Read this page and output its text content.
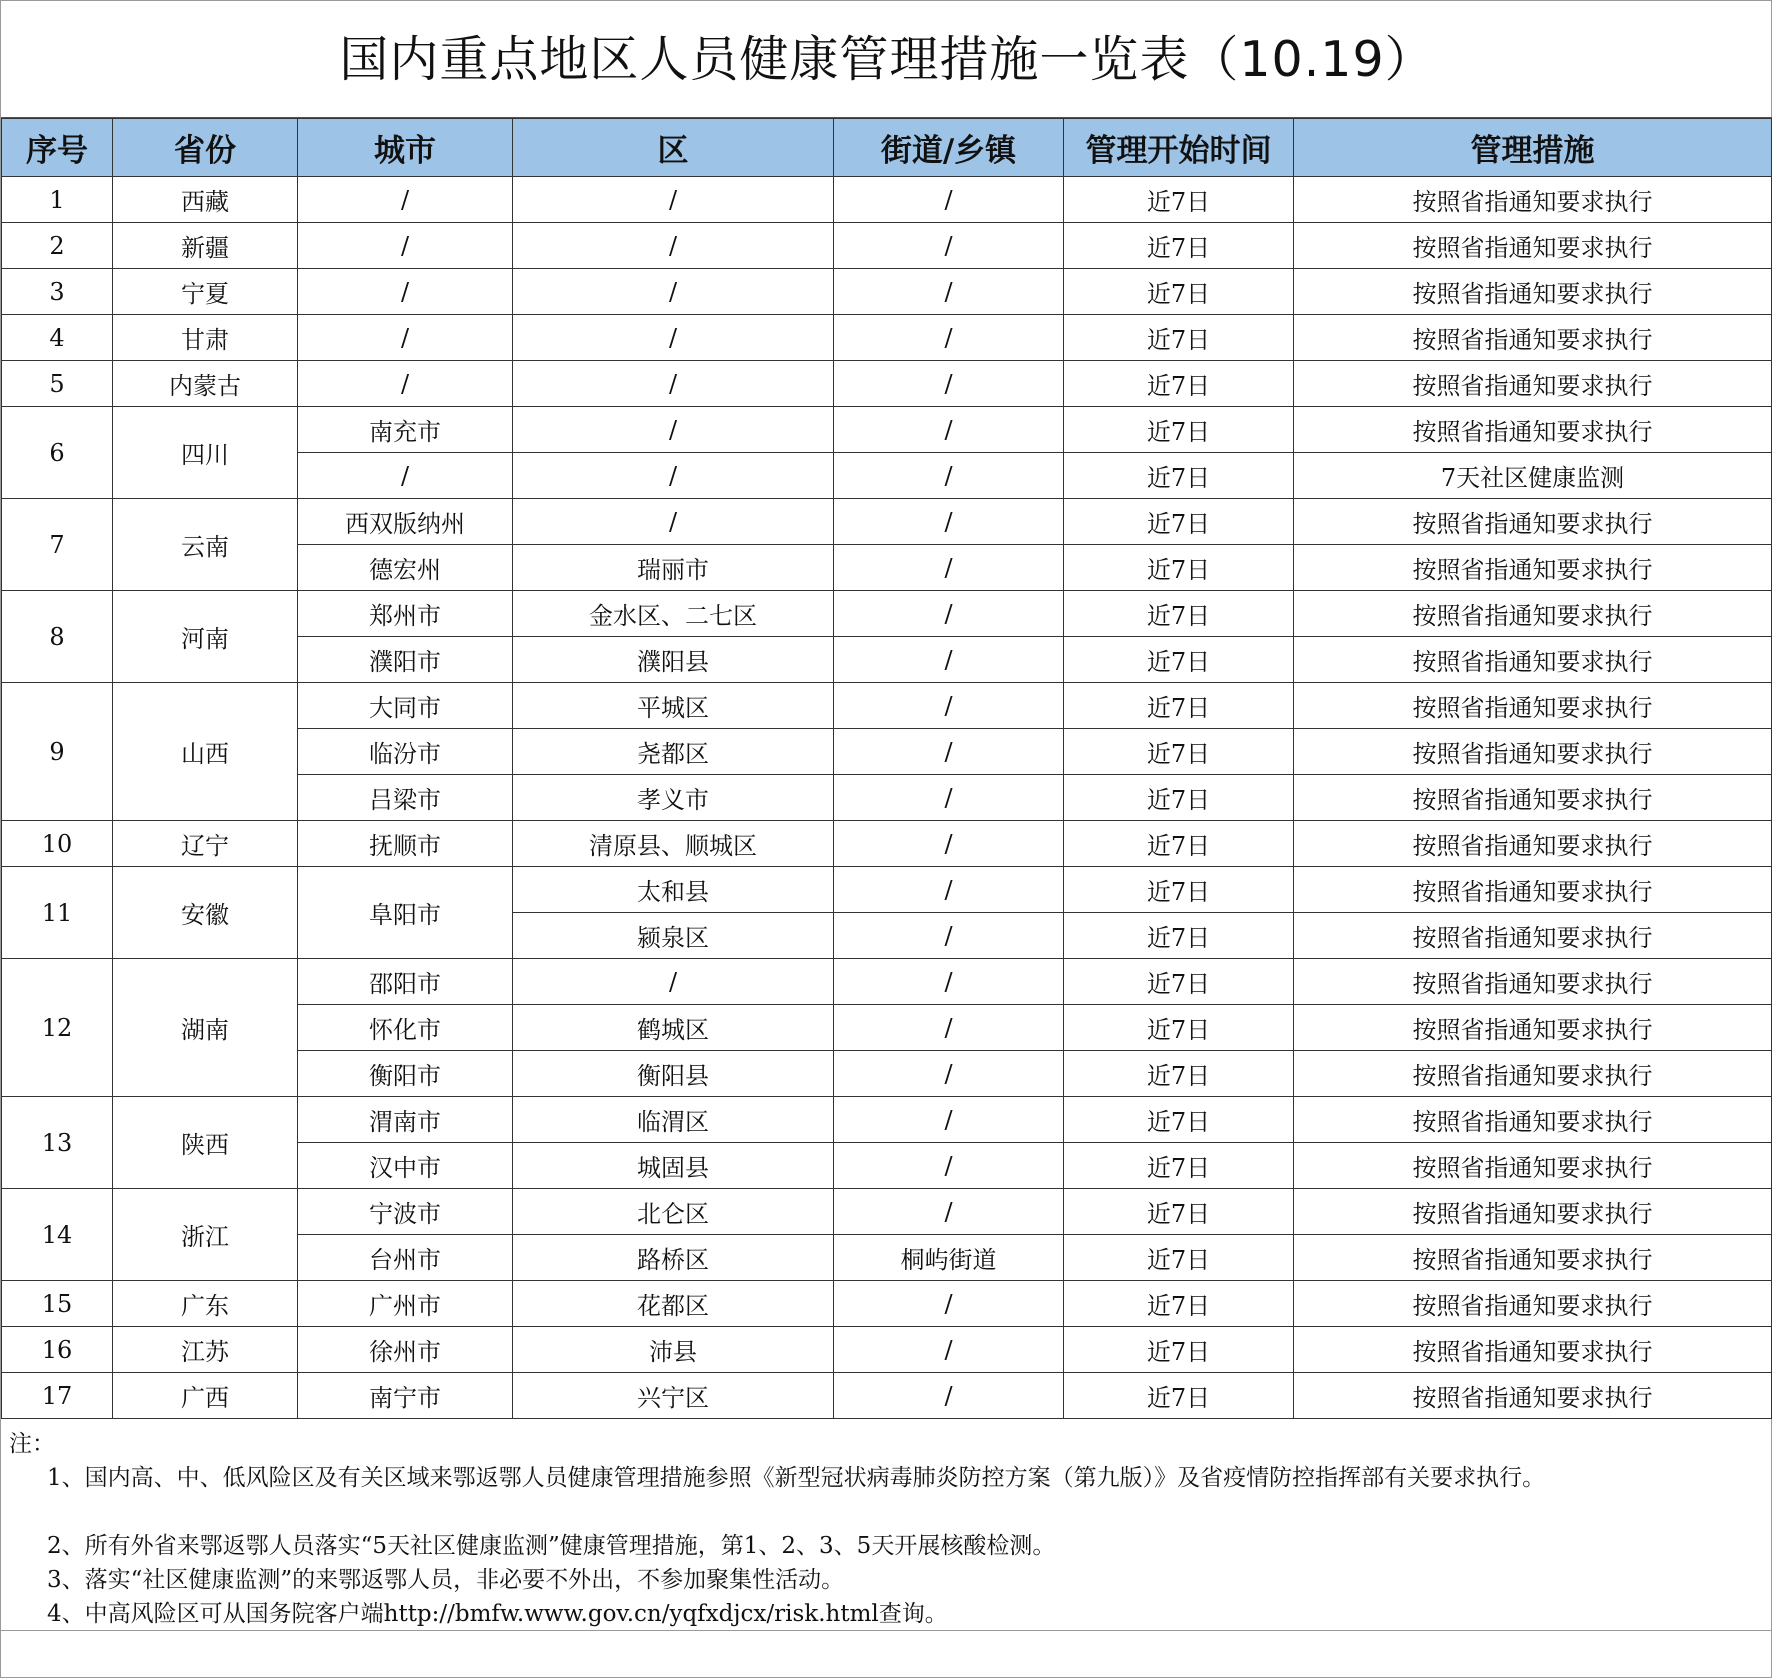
国内重点地区人员健康管理措施一览表（10.19）
序号	省份	城市	区	街道/乡镇	管理开始时间	管理措施
1	西藏	/	/	/	近7日	按照省指通知要求执行
2	新疆	/	/	/	近7日	按照省指通知要求执行
3	宁夏	/	/	/	近7日	按照省指通知要求执行
4	甘肃	/	/	/	近7日	按照省指通知要求执行
5	内蒙古	/	/	/	近7日	按照省指通知要求执行
6	四川	南充市	/	/	近7日	按照省指通知要求执行
		/	/	/	近7日	7天社区健康监测
7	云南	西双版纳州	/	/	近7日	按照省指通知要求执行
		德宏州	瑞丽市	/	近7日	按照省指通知要求执行
8	河南	郑州市	金水区、二七区	/	近7日	按照省指通知要求执行
		濮阳市	濮阳县	/	近7日	按照省指通知要求执行
9	山西	大同市	平城区	/	近7日	按照省指通知要求执行
		临汾市	尧都区	/	近7日	按照省指通知要求执行
		吕梁市	孝义市	/	近7日	按照省指通知要求执行
10	辽宁	抚顺市	清原县、顺城区	/	近7日	按照省指通知要求执行
11	安徽	阜阳市	太和县	/	近7日	按照省指通知要求执行
			颍泉区	/	近7日	按照省指通知要求执行
12	湖南	邵阳市	/	/	近7日	按照省指通知要求执行
		怀化市	鹤城区	/	近7日	按照省指通知要求执行
		衡阳市	衡阳县	/	近7日	按照省指通知要求执行
13	陕西	渭南市	临渭区	/	近7日	按照省指通知要求执行
		汉中市	城固县	/	近7日	按照省指通知要求执行
14	浙江	宁波市	北仑区	/	近7日	按照省指通知要求执行
		台州市	路桥区	桐屿街道	近7日	按照省指通知要求执行
15	广东	广州市	花都区	/	近7日	按照省指通知要求执行
16	江苏	徐州市	沛县	/	近7日	按照省指通知要求执行
17	广西	南宁市	兴宁区	/	近7日	按照省指通知要求执行
注：
1、国内高、中、低风险区及有关区域来鄂返鄂人员健康管理措施参照《新型冠状病毒肺炎防控方案（第九版）》及省疫情防控指挥部有关要求执行。
2、所有外省来鄂返鄂人员落实“5天社区健康监测”健康管理措施，第1、2、3、5天开展核酸检测。
3、落实“社区健康监测”的来鄂返鄂人员，非必要不外出，不参加聚集性活动。
4、中高风险区可从国务院客户端http://bmfw.www.gov.cn/yqfxdjcx/risk.html查询。
